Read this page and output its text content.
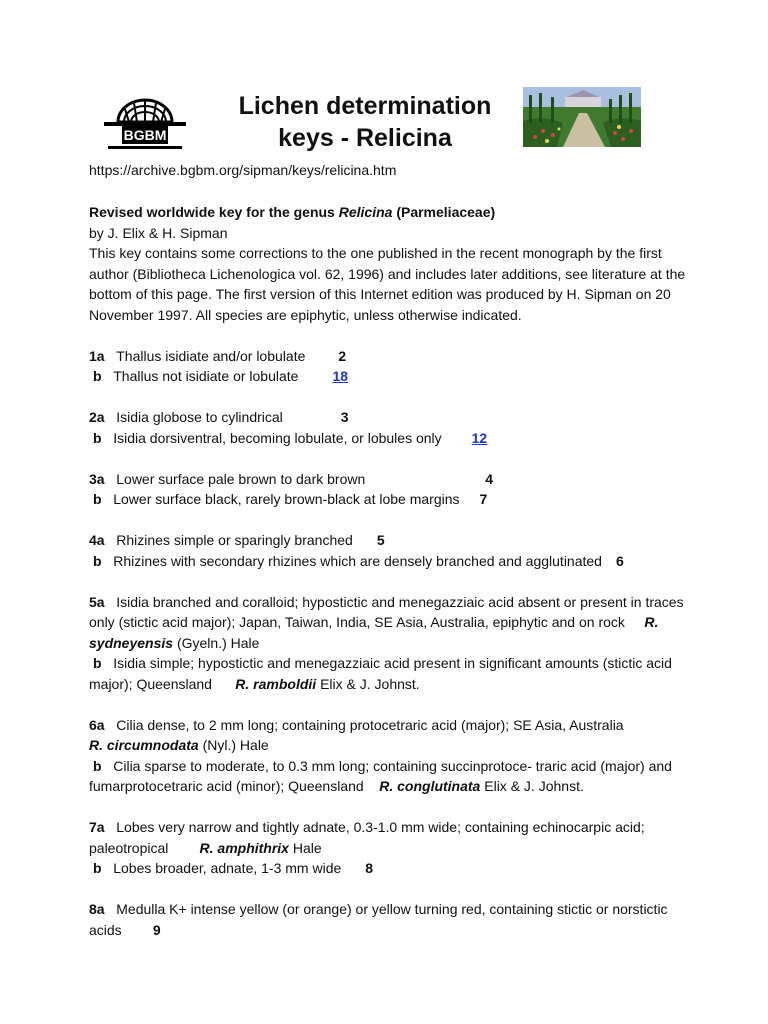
BGBM
Lichen determination
keys - Relicina
https://archive.bgbm.org/sipman/keys/relicina.htm
Revised worldwide key for the genus Relicina (Parmeliaceae)
by J. Elix & H. Sipman
This key contains some corrections to the one published in the recent monograph by the first author (Bibliotheca Lichenologica vol. 62, 1996) and includes later additions, see literature at the bottom of this page. The first version of this Internet edition was produced by H. Sipman on 20 November 1997. All species are epiphytic, unless otherwise indicated.
1a Thallus isidiate and/or lobulate 2
b Thallus not isidiate or lobulate 18
2a Isidia globose to cylindrical	3
b Isidia dorsiventral, becoming lobulate, or lobules only 12
3a Lower surface pale brown to dark brown	4
b Lower surface black, rarely brown-black at lobe margins 7
4a Rhizines simple or sparingly branched 5
b Rhizines with secondary rhizines which are densely branched and agglutinated 6
5a Isidia branched and coralloid; hypostictic and menegazziaic acid absent or present in traces only (stictic acid major); Japan, Taiwan, India, SE Asia, Australia, epiphytic and on rock R. sydneyensis (Gyeln.) Hale
b Isidia simple; hypostictic and menegazziaic acid present in significant amounts (stictic acid major); Queensland R. ramboldii Elix & J. Johnst.
6a Cilia dense, to 2 mm long; containing protocetraric acid (major); SE Asia, Australia
R. circumnodata (Nyl.) Hale
b Cilia sparse to moderate, to 0.3 mm long; containing succinprotoce- traric acid (major) and fumarprotocetraric acid (minor); Queensland R. conglutinata Elix & J. Johnst.
7a Lobes very narrow and tightly adnate, 0.3-1.0 mm wide; containing echinocarpic acid; paleotropical R. amphithrix Hale
b Lobes broader, adnate, 1-3 mm wide 8
8a Medulla K+ intense yellow (or orange) or yellow turning red, containing stictic or norstictic acids 9
